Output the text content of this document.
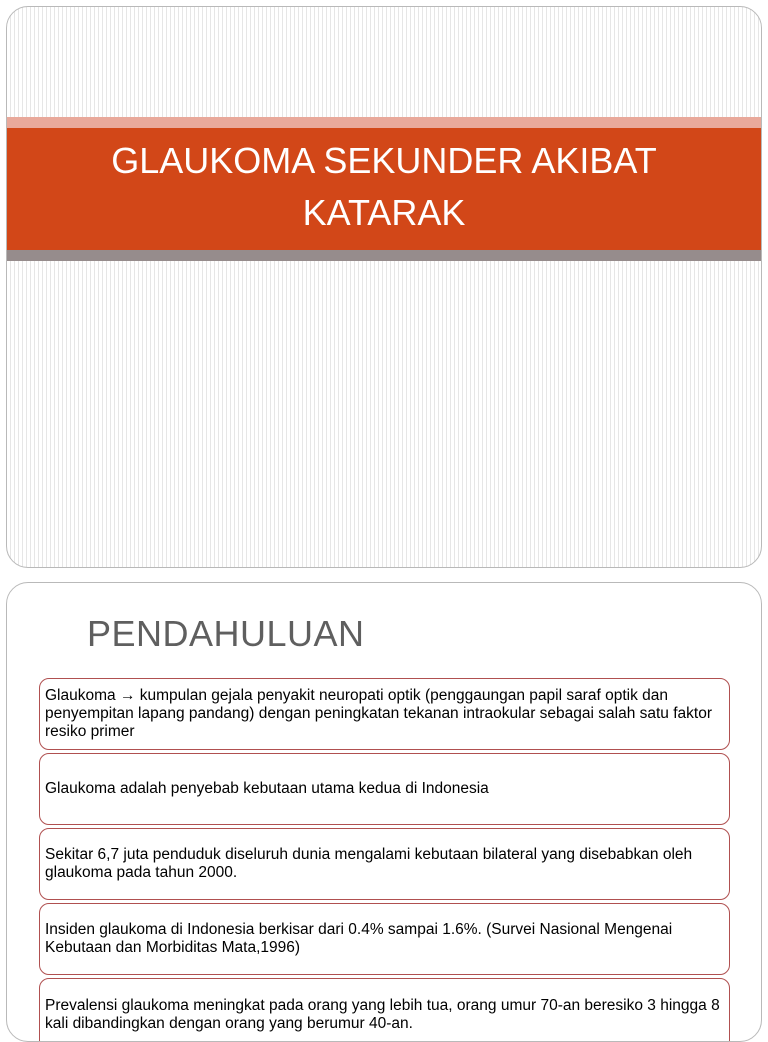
GLAUKOMA SEKUNDER AKIBAT KATARAK
PENDAHULUAN
Glaukoma → kumpulan gejala penyakit neuropati optik (penggaungan papil saraf optik dan penyempitan lapang pandang) dengan peningkatan tekanan intraokular sebagai salah satu faktor resiko primer
Glaukoma adalah penyebab kebutaan utama kedua di Indonesia
Sekitar 6,7 juta penduduk diseluruh dunia mengalami kebutaan bilateral yang disebabkan oleh glaukoma pada tahun 2000.
Insiden glaukoma di Indonesia berkisar dari 0.4% sampai 1.6%. (Survei Nasional Mengenai Kebutaan dan Morbiditas Mata,1996)
Prevalensi glaukoma meningkat pada orang yang lebih tua, orang umur 70-an beresiko 3 hingga 8 kali dibandingkan dengan orang yang berumur 40-an.
